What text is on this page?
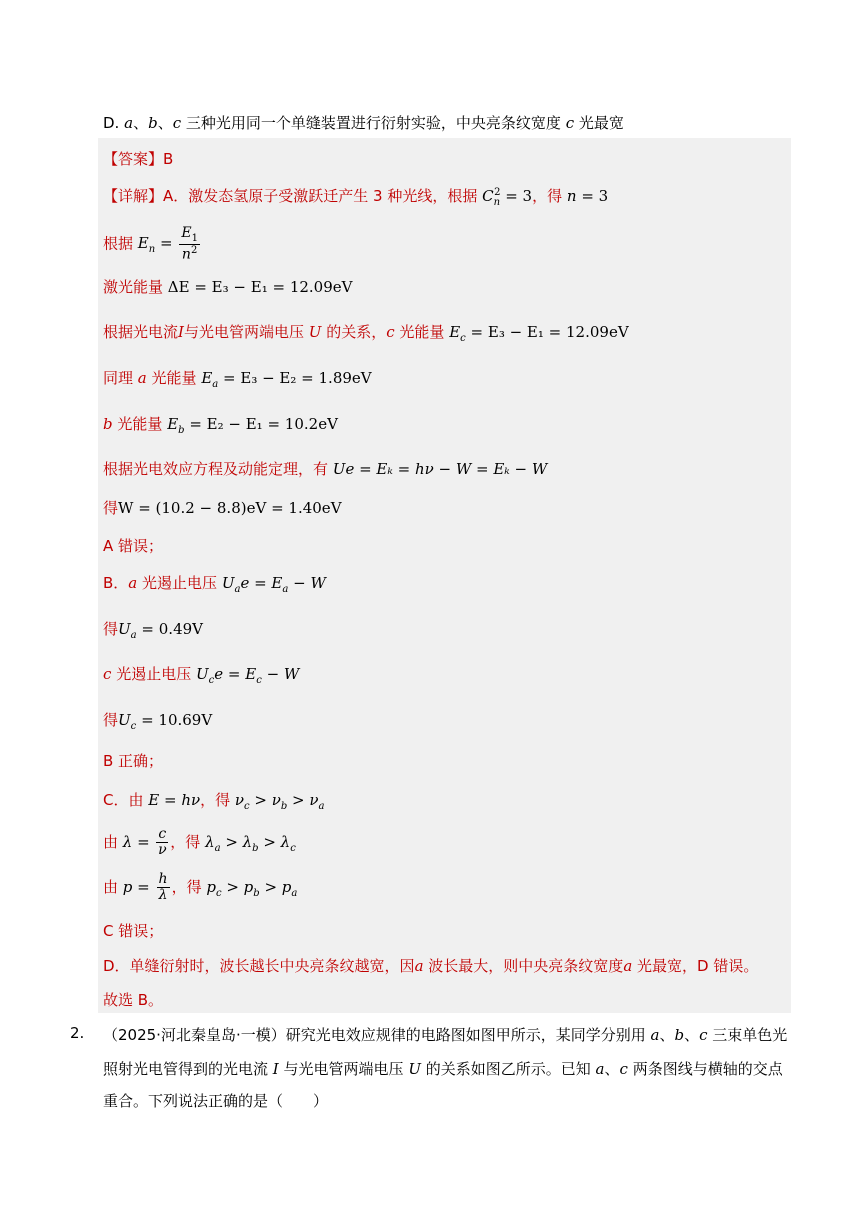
D. a、b、c 三种光用同一个单缝装置进行衍射实验，中央亮条纹宽度 c 光最宽
【答案】B
【详解】A．激发态氢原子受激跃迁产生 3 种光线，根据 $C_n^2 = 3$，得 n = 3
根据 $E_n = \frac{E_1}{n^2}$
激光能量 ΔE = E₃ − E₁ = 12.09eV
根据光电流I与光电管两端电压 U 的关系，c 光能量 $E_c = E_3 - E_1 = 12.09eV$
同理 a 光能量 $E_a = E_3 - E_2 = 1.89eV$
b 光能量 $E_b = E_2 - E_1 = 10.2eV$
根据光电效应方程及动能定理，有 Ue = Eₖ = hν − W = Eₖ − W
得W = (10.2 − 8.8)eV = 1.40eV
A 错误；
B．a 光遏止电压 $U_ae = E_a - W$
得$U_a = 0.49V$
c 光遏止电压 $U_ce = E_c - W$
得$U_c = 10.69V$
B 正确；
C．由 E = hν，得 $\nu_c > \nu_b > \nu_a$
由 $\lambda = \frac{c}{\nu}$ ，得 $\lambda_a > \lambda_b > \lambda_c$
由 $p = \frac{h}{\lambda}$ ，得 $p_c > p_b > p_a$
C 错误；
D．单缝衍射时，波长越长中央亮条纹越宽，因a 波长最大，则中央亮条纹宽度a 光最宽，D 错误。
故选 B。
2. （2025·河北秦皇岛·一模）研究光电效应规律的电路图如图甲所示，某同学分别用 a、b、c 三束单色光
照射光电管得到的光电流 I 与光电管两端电压 U 的关系如图乙所示。已知 a、c 两条图线与横轴的交点
重合。下列说法正确的是（　　）
